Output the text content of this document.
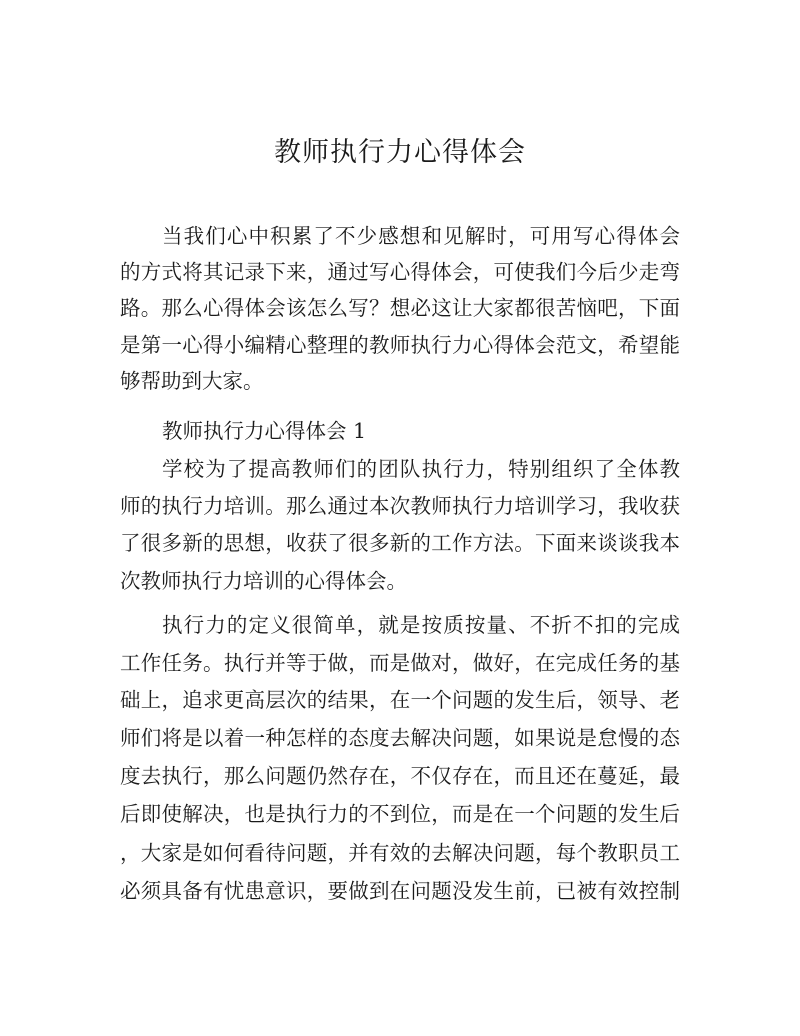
教师执行力心得体会

当我们心中积累了不少感想和见解时，可用写心得体会

的方式将其记录下来，通过写心得体会，可使我们今后少走弯

路。那么心得体会该怎么写？想必这让大家都很苦恼吧，下面

是第一心得小编精心整理的教师执行力心得体会范文，希望能

够帮助到大家。

教师执行力心得体会 1

学校为了提高教师们的团队执行力，特别组织了全体教

师的执行力培训。那么通过本次教师执行力培训学习，我收获

了很多新的思想，收获了很多新的工作方法。下面来谈谈我本

次教师执行力培训的心得体会。

执行力的定义很简单，就是按质按量、不折不扣的完成

工作任务。执行并等于做，而是做对，做好，在完成任务的基

础上，追求更高层次的结果，在一个问题的发生后，领导、老

师们将是以着一种怎样的态度去解决问题，如果说是怠慢的态

度去执行，那么问题仍然存在，不仅存在，而且还在蔓延，最

后即使解决，也是执行力的不到位，而是在一个问题的发生后

，大家是如何看待问题，并有效的去解决问题，每个教职员工

必须具备有忧患意识，要做到在问题没发生前，已被有效控制
